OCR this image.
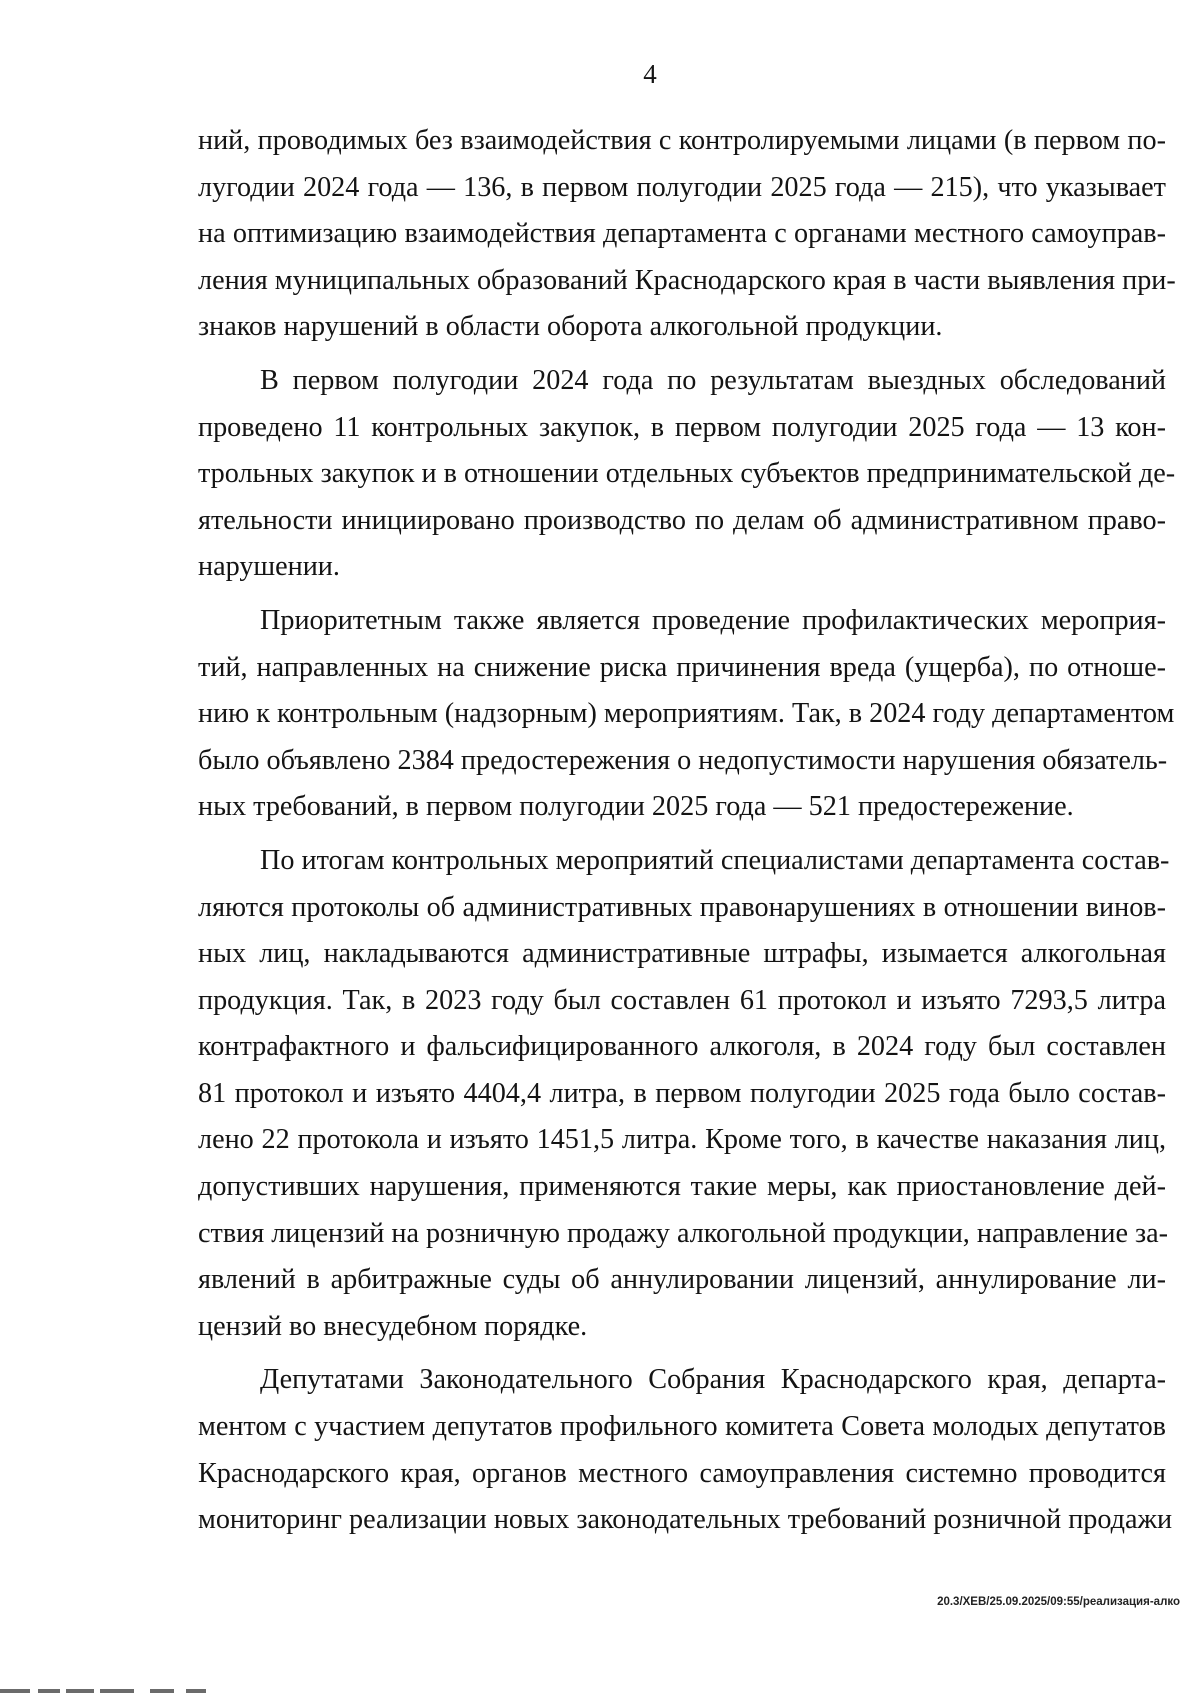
4
ний, проводимых без взаимодействия с контролируемыми лицами (в первом по-
лугодии 2024 года — 136, в первом полугодии 2025 года — 215), что указывает
на оптимизацию взаимодействия департамента с органами местного самоуправ-
ления муниципальных образований Краснодарского края в части выявления при-
знаков нарушений в области оборота алкогольной продукции.
В первом полугодии 2024 года по результатам выездных обследований
проведено 11 контрольных закупок, в первом полугодии 2025 года — 13 кон-
трольных закупок и в отношении отдельных субъектов предпринимательской де-
ятельности инициировано производство по делам об административном право-
нарушении.
Приоритетным также является проведение профилактических мероприя-
тий, направленных на снижение риска причинения вреда (ущерба), по отноше-
нию к контрольным (надзорным) мероприятиям. Так, в 2024 году департаментом
было объявлено 2384 предостережения о недопустимости нарушения обязатель-
ных требований, в первом полугодии 2025 года — 521 предостережение.
По итогам контрольных мероприятий специалистами департамента состав-
ляются протоколы об административных правонарушениях в отношении винов-
ных лиц, накладываются административные штрафы, изымается алкогольная
продукция. Так, в 2023 году был составлен 61 протокол и изъято 7293,5 литра
контрафактного и фальсифицированного алкоголя, в 2024 году был составлен
81 протокол и изъято 4404,4 литра, в первом полугодии 2025 года было состав-
лено 22 протокола и изъято 1451,5 литра. Кроме того, в качестве наказания лиц,
допустивших нарушения, применяются такие меры, как приостановление дей-
ствия лицензий на розничную продажу алкогольной продукции, направление за-
явлений в арбитражные суды об аннулировании лицензий, аннулирование ли-
цензий во внесудебном порядке.
Депутатами Законодательного Собрания Краснодарского края, департа-
ментом с участием депутатов профильного комитета Совета молодых депутатов
Краснодарского края, органов местного самоуправления системно проводится
мониторинг реализации новых законодательных требований розничной продажи
20.3/ХЕВ/25.09.2025/09:55/реализация-алко
